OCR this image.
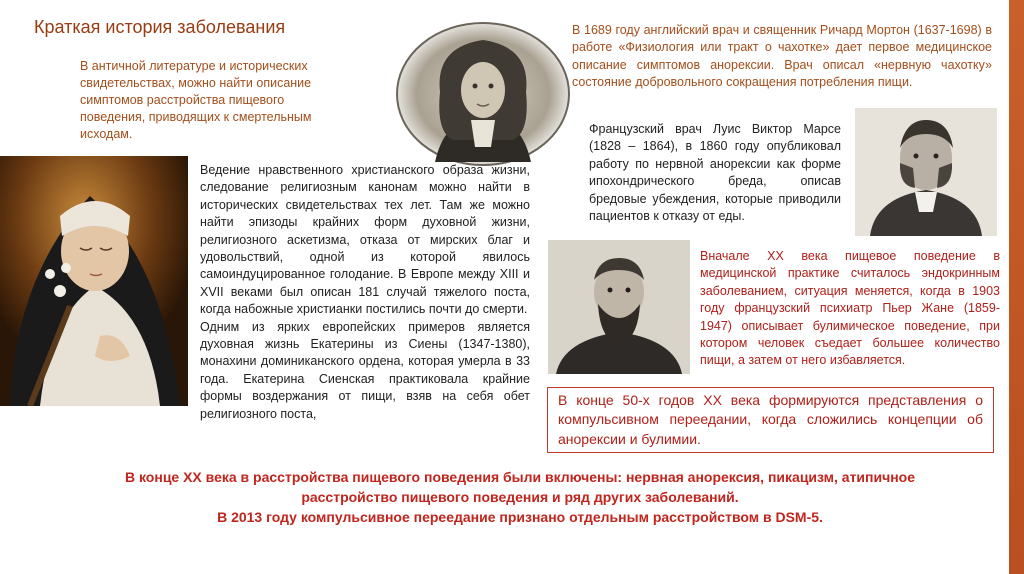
Краткая история заболевания
В античной литературе и исторических свидетельствах, можно найти описание симптомов расстройства пищевого поведения, приводящих к смертельным исходам.
В 1689 году английский врач и священник Ричард Мортон (1637-1698) в работе «Физиология или тракт о чахотке» дает первое медицинское описание симптомов анорексии. Врач описал «нервную чахотку» состояние добровольного сокращения потребления пищи.
Ведение нравственного христианского образа жизни, следование религиозным канонам можно найти в исторических свидетельствах тех лет. Там же можно найти эпизоды крайних форм духовной жизни, религиозного аскетизма, отказа от мирских благ и удовольствий, одной из которой явилось самоиндуцированное голодание. В Европе между XIII и XVII веками был описан 181 случай тяжелого поста, когда набожные христианки постились почти до смерти.
Одним из ярких европейских примеров является духовная жизнь Екатерины из Сиены (1347-1380), монахини доминиканского ордена, которая умерла в 33 года. Екатерина Сиенская практиковала крайние формы воздержания от пищи, взяв на себя обет религиозного поста,
Французский врач Луис Виктор Марсе (1828 – 1864), в 1860 году опубликовал работу по нервной анорексии как форме ипохондрического бреда, описав бредовые убеждения, которые приводили пациентов к отказу от еды.
Вначале ХХ века пищевое поведение в медицинской практике считалось эндокринным заболеванием, ситуация меняется, когда в 1903 году французский психиатр Пьер Жане (1859-1947) описывает булимическое поведение, при котором человек съедает большее количество пищи, а затем от него избавляется.
В конце 50-х годов ХХ века формируются представления о компульсивном переедании, когда сложились концепции об анорексии и булимии.
В конце ХХ века в расстройства пищевого поведения были включены: нервная анорексия, пикацизм, атипичное
расстройство пищевого поведения и ряд других заболеваний.
В 2013 году компульсивное переедание признано отдельным расстройством в DSM-5.
